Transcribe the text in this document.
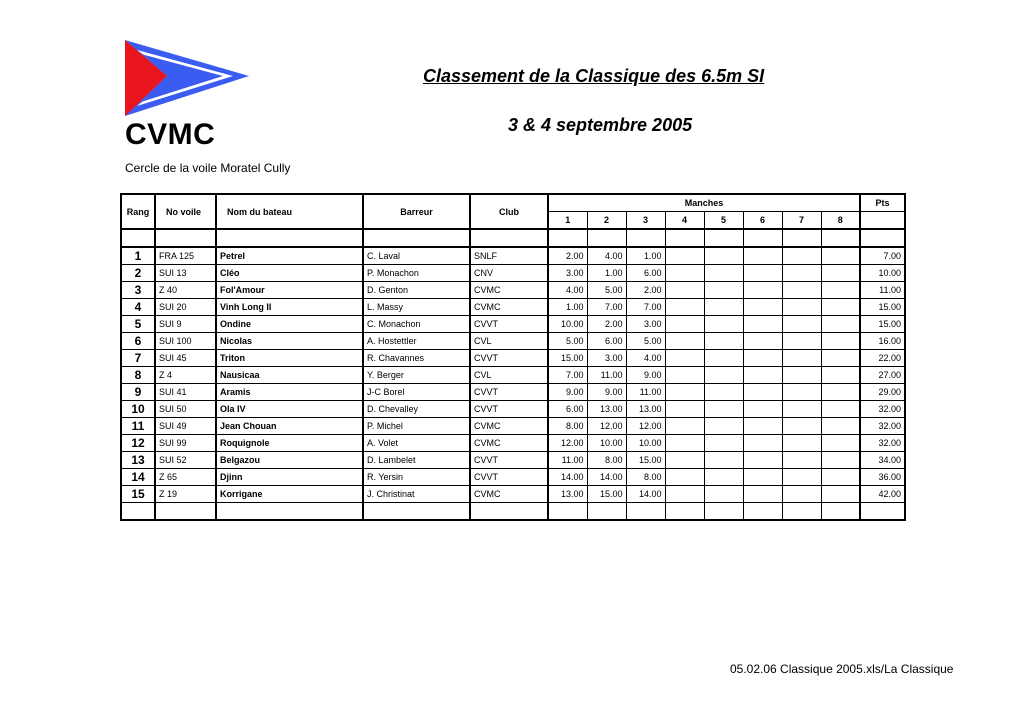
CVMC
Cercle de la voile Moratel Cully
Classement de la Classique des 6.5m SI
3 & 4 septembre 2005
Rang	No voile	Nom du bateau	Barreur	Club	Manches								Pts
					1	2	3	4	5	6	7	8	

1	FRA 125	Petrel	C. Laval	SNLF	2.00	4.00	1.00						7.00
2	SUI 13	Cléo	P. Monachon	CNV	3.00	1.00	6.00						10.00
3	Z 40	Fol'Amour	D. Genton	CVMC	4.00	5.00	2.00						11.00
4	SUI 20	Vinh Long II	L. Massy	CVMC	1.00	7.00	7.00						15.00
5	SUI 9	Ondine	C. Monachon	CVVT	10.00	2.00	3.00						15.00
6	SUI 100	Nicolas	A. Hostettler	CVL	5.00	6.00	5.00						16.00
7	SUI 45	Triton	R. Chavannes	CVVT	15.00	3.00	4.00						22.00
8	Z 4	Nausicaa	Y. Berger	CVL	7.00	11.00	9.00						27.00
9	SUI 41	Aramis	J-C Borel	CVVT	9.00	9.00	11.00						29.00
10	SUI 50	Ola IV	D. Chevalley	CVVT	6.00	13.00	13.00						32.00
11	SUI 49	Jean Chouan	P. Michel	CVMC	8.00	12.00	12.00						32.00
12	SUI 99	Roquignole	A. Volet	CVMC	12.00	10.00	10.00						32.00
13	SUI 52	Belgazou	D. Lambelet	CVVT	11.00	8.00	15.00						34.00
14	Z 65	Djinn	R. Yersin	CVVT	14.00	14.00	8.00						36.00
15	Z 19	Korrigane	J. Christinat	CVMC	13.00	15.00	14.00						42.00

05.02.06 Classique 2005.xls/La Classique
